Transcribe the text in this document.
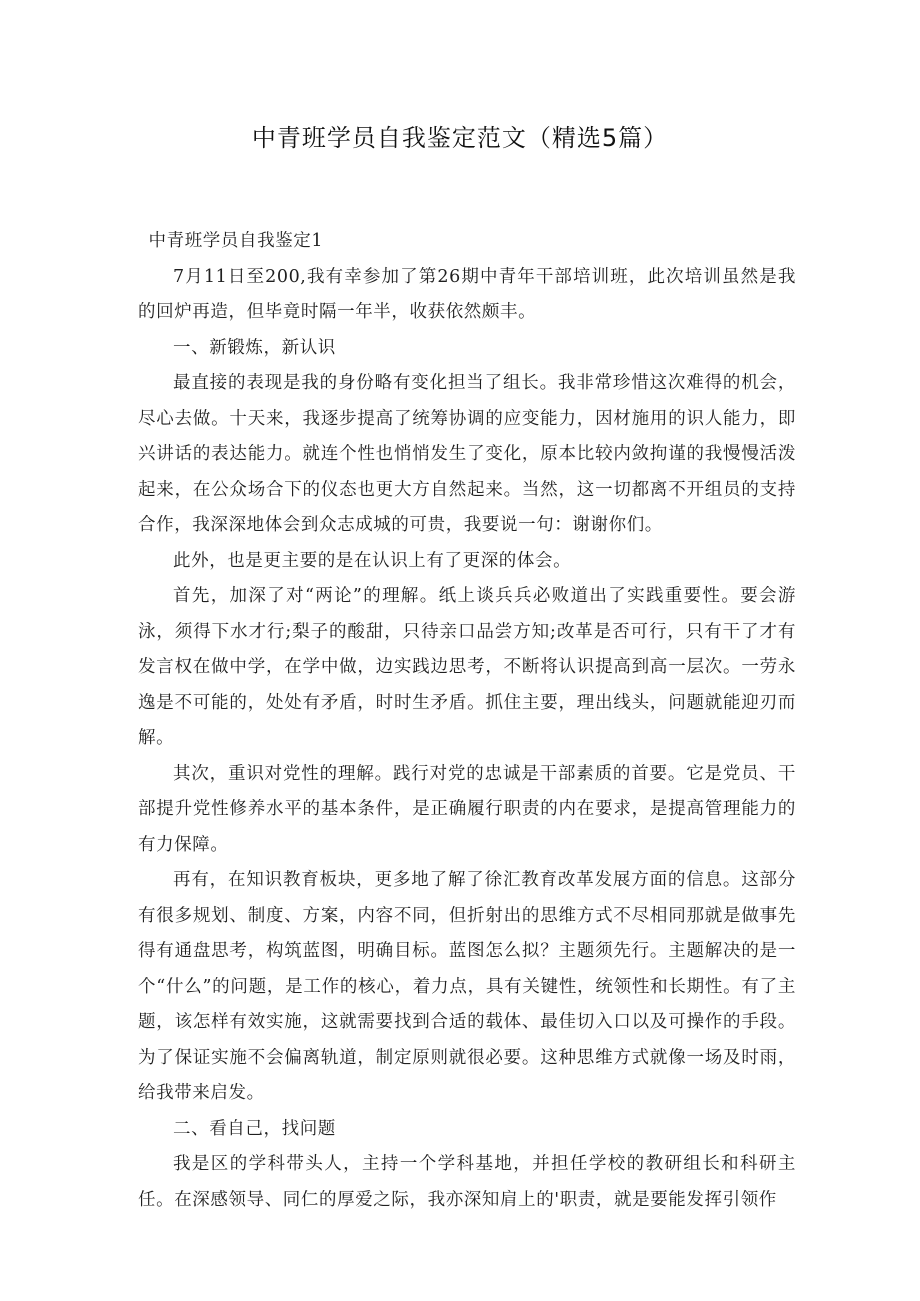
中青班学员自我鉴定范文（精选5篇）

中青班学员自我鉴定1

7月11日至200,我有幸参加了第26期中青年干部培训班，此次培训虽然是我的回炉再造，但毕竟时隔一年半，收获依然颇丰。

一、新锻炼，新认识

最直接的表现是我的身份略有变化担当了组长。我非常珍惜这次难得的机会，尽心去做。十天来，我逐步提高了统筹协调的应变能力，因材施用的识人能力，即兴讲话的表达能力。就连个性也悄悄发生了变化，原本比较内敛拘谨的我慢慢活泼起来，在公众场合下的仪态也更大方自然起来。当然，这一切都离不开组员的支持合作，我深深地体会到众志成城的可贵，我要说一句：谢谢你们。

此外，也是更主要的是在认识上有了更深的体会。

首先，加深了对“两论”的理解。纸上谈兵兵必败道出了实践重要性。要会游泳，须得下水才行;梨子的酸甜，只待亲口品尝方知;改革是否可行，只有干了才有发言权在做中学，在学中做，边实践边思考，不断将认识提高到高一层次。一劳永逸是不可能的，处处有矛盾，时时生矛盾。抓住主要，理出线头，问题就能迎刃而解。

其次，重识对党性的理解。践行对党的忠诚是干部素质的首要。它是党员、干部提升党性修养水平的基本条件，是正确履行职责的内在要求，是提高管理能力的有力保障。

再有，在知识教育板块，更多地了解了徐汇教育改革发展方面的信息。这部分有很多规划、制度、方案，内容不同，但折射出的思维方式不尽相同那就是做事先得有通盘思考，构筑蓝图，明确目标。蓝图怎么拟？主题须先行。主题解决的是一个“什么”的问题，是工作的核心，着力点，具有关键性，统领性和长期性。有了主题，该怎样有效实施，这就需要找到合适的载体、最佳切入口以及可操作的手段。为了保证实施不会偏离轨道，制定原则就很必要。这种思维方式就像一场及时雨，给我带来启发。

二、看自己，找问题

我是区的学科带头人，主持一个学科基地，并担任学校的教研组长和科研主任。在深感领导、同仁的厚爱之际，我亦深知肩上的'职责，就是要能发挥引领作
